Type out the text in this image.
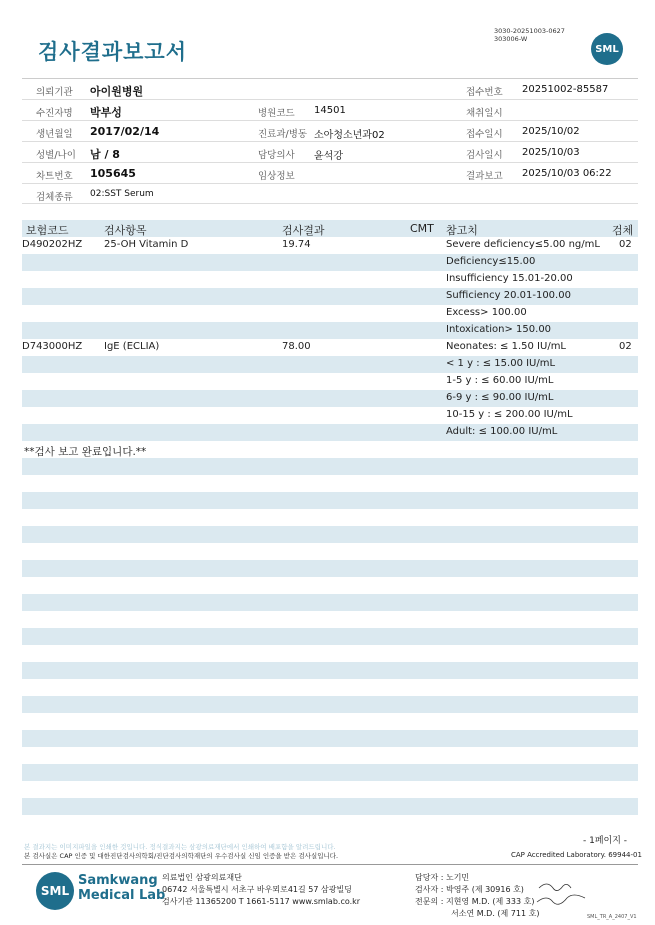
검사결과보고서
3030-20251003-0627
303006-W
SML
의뢰기관 아이원병원	접수번호 20251002-85587
수진자명 박부성	병원코드 14501	채취일시
생년월일 2017/02/14	진료과/병동 소아청소년과02	접수일시 2025/10/02
성별/나이 남 / 8	담당의사 윤석강	검사일시 2025/10/03
차트번호 105645	임상정보	결과보고 2025/10/03 06:22
검체종류 02:SST Serum
보험코드	검사항목	검사결과	CMT 참고치	검체
D490202HZ 25-OH Vitamin D	19.74	Severe deficiency≤5.00 ng/mL 02
Deficiency≤15.00
Insufficiency 15.01-20.00
Sufficiency 20.01-100.00
Excess> 100.00
Intoxication> 150.00
D743000HZ IgE (ECLIA)	78.00	Neonates: ≤ 1.50 IU/mL	02
< 1 y : ≤ 15.00 IU/mL
1-5 y : ≤ 60.00 IU/mL
6-9 y : ≤ 90.00 IU/mL
10-15 y : ≤ 200.00 IU/mL
Adult: ≤ 100.00 IU/mL
**검사 보고 완료입니다.**
- 1페이지 -
본 결과지는 이미지파일을 인쇄한 것입니다. 정식결과지는 삼광의료재단에서 인쇄하여 배포함을 알려드립니다.
본 검사실은 CAP 인증 및 대한진단검사의학회/진단검사의학재단의 우수검사실 신임 인증을 받은 검사실입니다.	CAP Accredited Laboratory. 69944-01
SML
Samkwang
Medical Lab
의료법인 삼광의료재단
06742 서울특별시 서초구 바우뫼로41길 57 삼광빌딩
검사기관 11365200 T 1661-5117 www.smlab.co.kr
담당자 : 노기민
검사자 : 박영주 (제 30916 호)
전문의 : 지현영 M.D. (제 333 호)
서소연 M.D. (제 711 호)	SML_TR_A_2407_V1
